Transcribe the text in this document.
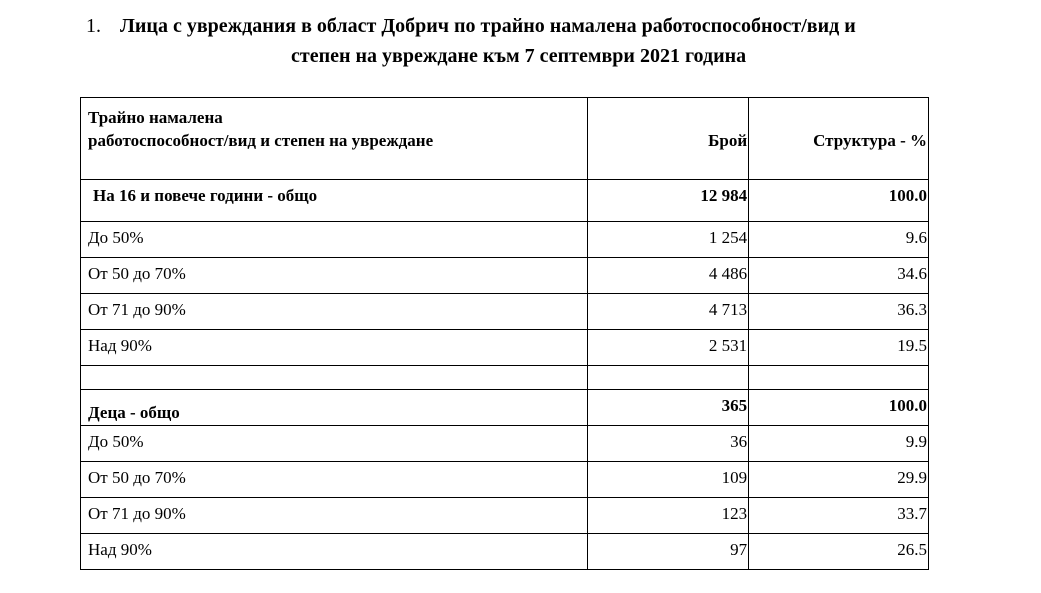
1. Лица с увреждания в област Добрич по трайно намалена работоспособност/вид и
степен на увреждане към 7 септември 2021 година
Трайно намалена
работоспособност/вид и степен на увреждане	Брой	Структура - %
На 16 и повече години - общо	12 984	100.0
До 50%	1 254	9.6
От 50 до 70%	4 486	34.6
От 71 до 90%	4 713	36.3
Над 90%	2 531	19.5

Деца - общо	365	100.0
До 50%	36	9.9
От 50 до 70%	109	29.9
От 71 до 90%	123	33.7
Над 90%	97	26.5
